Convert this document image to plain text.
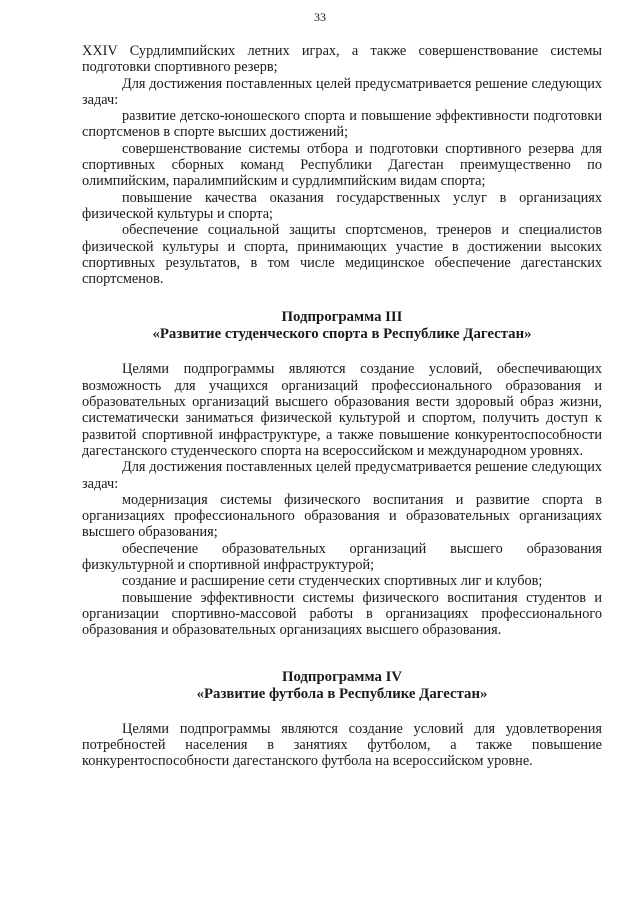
33

XXIV Сурдлимпийских летних играх, а также совершенствование системы подготовки спортивного резерв;

Для достижения поставленных целей предусматривается решение следующих задач:

развитие детско-юношеского спорта и повышение эффективности подготовки спортсменов в спорте высших достижений;

совершенствование системы отбора и подготовки спортивного резерва для спортивных сборных команд Республики Дагестан преимущественно по олимпийским, паралимпийским и сурдлимпийским видам спорта;

повышение качества оказания государственных услуг в организациях физической культуры и спорта;

обеспечение социальной защиты спортсменов, тренеров и специалистов физической культуры и спорта, принимающих участие в достижении высоких спортивных результатов, в том числе медицинское обеспечение дагестанских спортсменов.

Подпрограмма III

«Развитие студенческого спорта в Республике Дагестан»

Целями подпрограммы являются создание условий, обеспечивающих возможность для учащихся организаций профессионального образования и образовательных организаций высшего образования вести здоровый образ жизни, систематически заниматься физической культурой и спортом, получить доступ к развитой спортивной инфраструктуре, а также повышение конкурентоспособности дагестанского студенческого спорта на всероссийском и международном уровнях.

Для достижения поставленных целей предусматривается решение следующих задач:

модернизация системы физического воспитания и развитие спорта в организациях профессионального образования и образовательных организациях высшего образования;

обеспечение образовательных организаций высшего образования физкультурной и спортивной инфраструктурой;

создание и расширение сети студенческих спортивных лиг и клубов;

повышение эффективности системы физического воспитания студентов и организации спортивно-массовой работы в организациях профессионального образования и образовательных организациях высшего образования.

Подпрограмма IV

«Развитие футбола в Республике Дагестан»

Целями подпрограммы являются создание условий для удовлетворения потребностей населения в занятиях футболом, а также повышение конкурентоспособности дагестанского футбола на всероссийском уровне.
